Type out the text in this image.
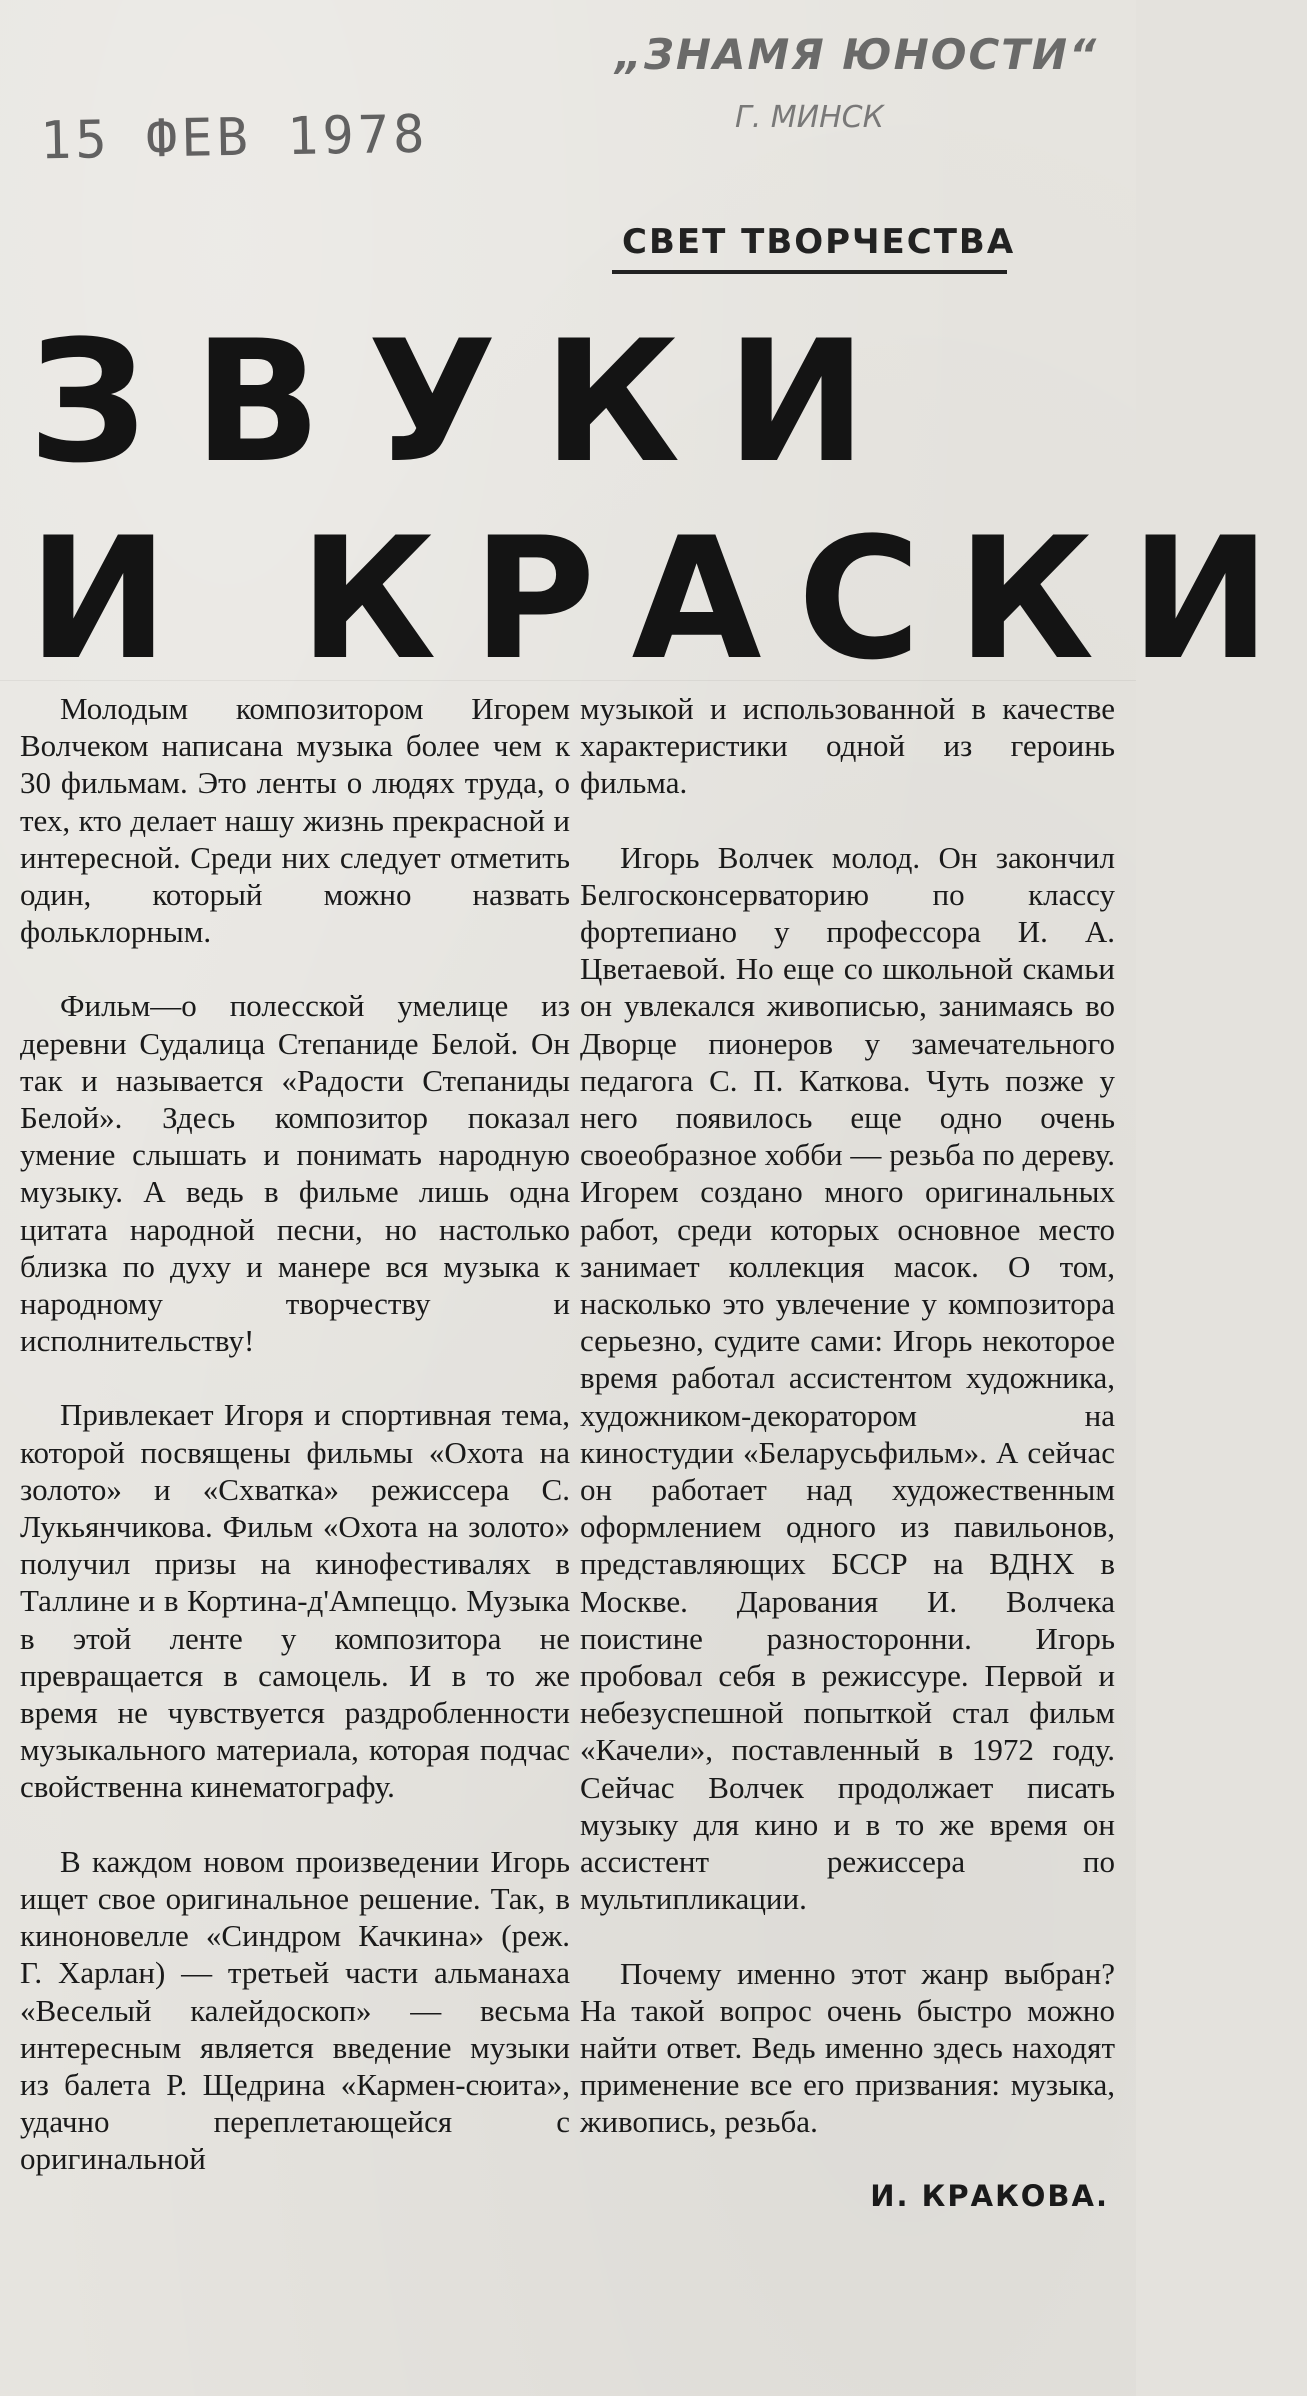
15 ФЕВ 1978
„ЗНАМЯ ЮНОСТИ“
Г. МИНСК
СВЕТ ТВОРЧЕСТВА
ЗВУКИ
И КРАСКИ

Молодым композитором Игорем Волчеком написана музыка более чем к 30 фильмам. Это ленты о людях труда, о тех, кто делает нашу жизнь прекрасной и интересной. Среди них следует отметить один, который можно назвать фольклорным.

Фильм—о полесской умелице из деревни Судалица Степаниде Белой. Он так и называется «Радости Степаниды Белой». Здесь композитор показал умение слышать и понимать народную музыку. А ведь в фильме лишь одна цитата народной песни, но настолько близка по духу и манере вся музыка к народному творчеству и исполнительству!

Привлекает Игоря и спортивная тема, которой посвящены фильмы «Охота на золото» и «Схватка» режиссера С. Лукьянчикова. Фильм «Охота на золото» получил призы на кинофестивалях в Таллине и в Кортина-д'Ампеццо. Музыка в этой ленте у композитора не превращается в самоцель. И в то же время не чувствуется раздробленности музыкального материала, которая подчас свойственна кинематографу.

В каждом новом произведении Игорь ищет свое оригинальное решение. Так, в киноновелле «Синдром Качкина» (реж. Г. Харлан) — третьей части альманаха «Веселый калейдоскоп» — весьма интересным является введение музыки из балета Р. Щедрина «Кармен-сюита», удачно переплетающейся с оригинальной

музыкой и использованной в качестве характеристики одной из героинь фильма.

Игорь Волчек молод. Он закончил Белгосконсерваторию по классу фортепиано у профессора И. А. Цветаевой. Но еще со школьной скамьи он увлекался живописью, занимаясь во Дворце пионеров у замечательного педагога С. П. Каткова. Чуть позже у него появилось еще одно очень своеобразное хобби — резьба по дереву. Игорем создано много оригинальных работ, среди которых основное место занимает коллекция масок. О том, насколько это увлечение у композитора серьезно, судите сами: Игорь некоторое время работал ассистентом художника, художником-декоратором на киностудии «Беларусьфильм». А сейчас он работает над художественным оформлением одного из павильонов, представляющих БССР на ВДНХ в Москве. Дарования И. Волчека поистине разносторонни. Игорь пробовал себя в режиссуре. Первой и небезуспешной попыткой стал фильм «Качели», поставленный в 1972 году. Сейчас Волчек продолжает писать музыку для кино и в то же время он ассистент режиссера по мультипликации.

Почему именно этот жанр выбран? На такой вопрос очень быстро можно найти ответ. Ведь именно здесь находят применение все его призвания: музыка, живопись, резьба.

И. КРАКОВА.
